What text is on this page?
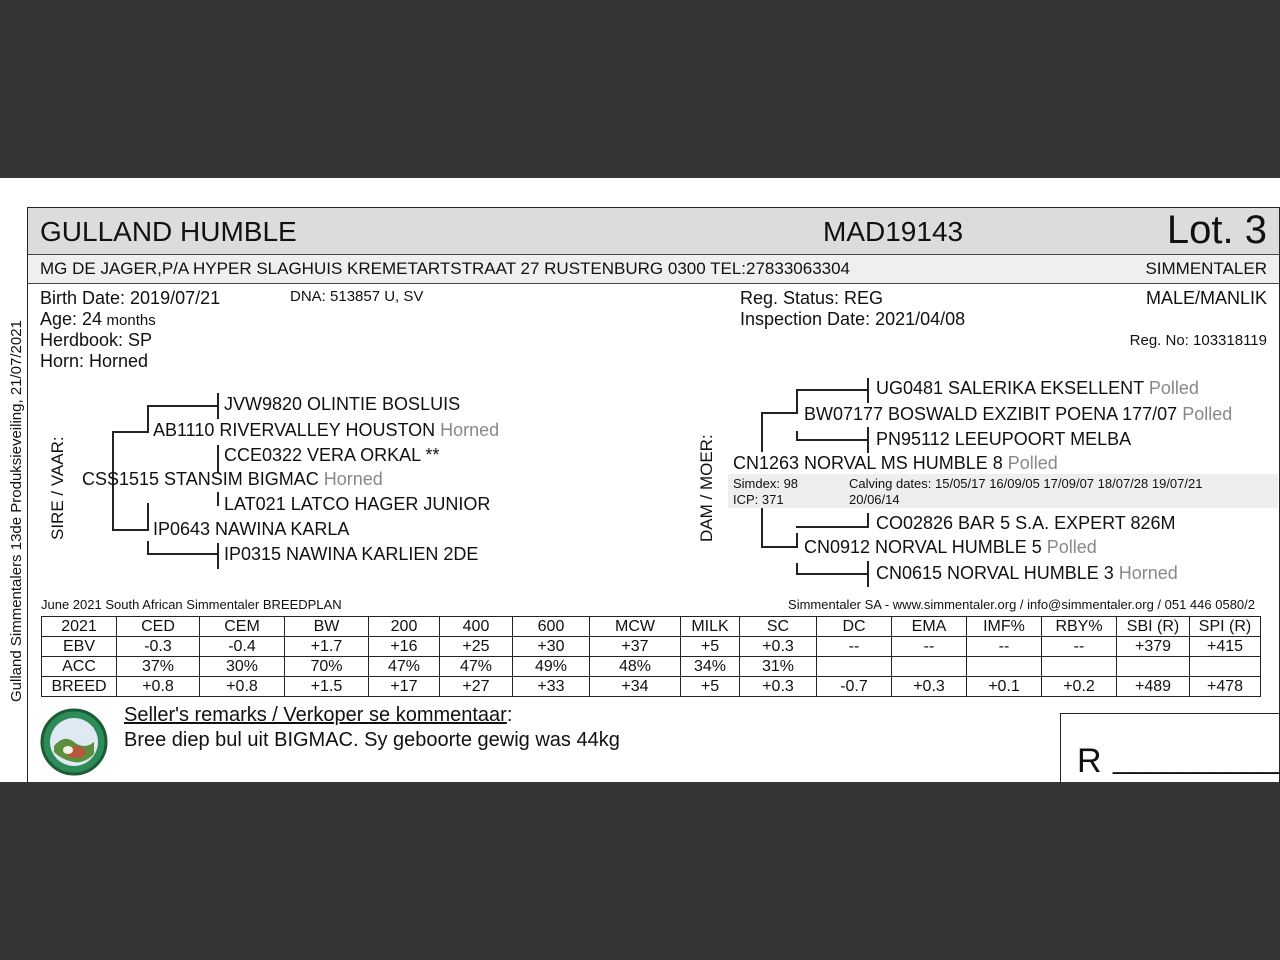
Gulland Simmentalers 13de Produksieveiling, 21/07/2021
GULLAND HUMBLE	MAD19143	Lot. 3
MG DE JAGER,P/A HYPER SLAGHUIS KREMETARTSTRAAT 27 RUSTENBURG 0300 TEL:27833063304	SIMMENTALER
Birth Date: 2019/07/21	DNA: 513857 U, SV
Age: 24 months
Herdbook: SP
Horn: Horned
Reg. Status: REG
Inspection Date: 2021/04/08
MALE/MANLIK
Reg. No: 103318119
SIRE / VAAR:
JVW9820 OLINTIE BOSLUIS
AB1110 RIVERVALLEY HOUSTON Horned
CCE0322 VERA ORKAL **
CSS1515 STANSIM BIGMAC Horned
LAT021 LATCO HAGER JUNIOR
IP0643 NAWINA KARLA
IP0315 NAWINA KARLIEN 2DE
DAM / MOER:
UG0481 SALERIKA EKSELLENT Polled
BW07177 BOSWALD EXZIBIT POENA 177/07 Polled
PN95112 LEEUPOORT MELBA
CN1263 NORVAL MS HUMBLE 8 Polled
Simdex: 98
ICP: 371
Calving dates: 15/05/17 16/09/05 17/09/07 18/07/28 19/07/21
20/06/14
CO02826 BAR 5 S.A. EXPERT 826M
CN0912 NORVAL HUMBLE 5 Polled
CN0615 NORVAL HUMBLE 3 Horned
June 2021 South African Simmentaler BREEDPLAN	Simmentaler SA - www.simmentaler.org / info@simmentaler.org / 051 446 0580/2
2021	CED	CEM	BW	200	400	600	MCW	MILK	SC	DC	EMA	IMF%	RBY%	SBI (R)	SPI (R)
EBV	-0.3	-0.4	+1.7	+16	+25	+30	+37	+5	+0.3	--	--	--	--	+379	+415
ACC	37%	30%	70%	47%	47%	49%	48%	34%	31%						
BREED	+0.8	+0.8	+1.5	+17	+27	+33	+34	+5	+0.3	-0.7	+0.3	+0.1	+0.2	+489	+478
Seller's remarks / Verkoper se kommentaar:
Bree diep bul uit BIGMAC. Sy geboorte gewig was 44kg
R __________
